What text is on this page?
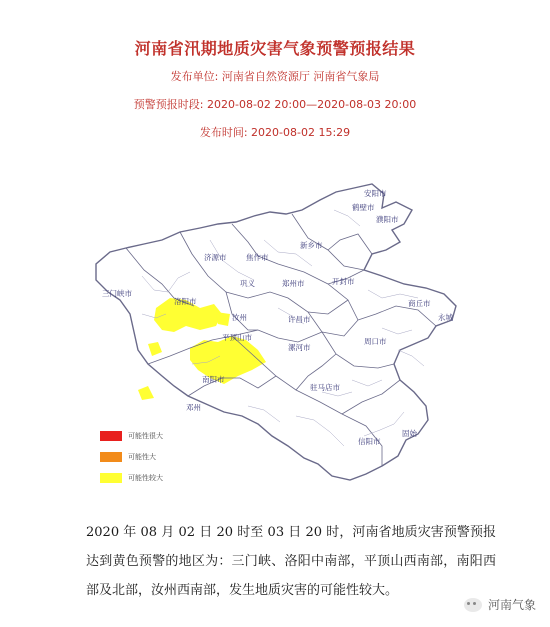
河南省汛期地质灾害气象预警预报结果
发布单位: 河南省自然资源厅 河南省气象局
预警预报时段: 2020-08-02 20:00—2020-08-03 20:00
发布时间: 2020-08-02 15:29
安阳市
鹤壁市
濮阳市
新乡市
焦作市
济源市
三门峡市
洛阳市
郑州市	开封市
商丘市
巩义
汝州	许昌市
平顶山市
漯河市
周口市
永城
南阳市
驻马店市
邓州
信阳市
固始
可能性很大
可能性大
可能性较大
2020 年 08 月 02 日 20 时至 03 日 20 时，河南省地质灾害预警预报达到黄色预警的地区为：三门峡、洛阳中南部，平顶山西南部，南阳西部及北部，汝州西南部，发生地质灾害的可能性较大。
河南气象
